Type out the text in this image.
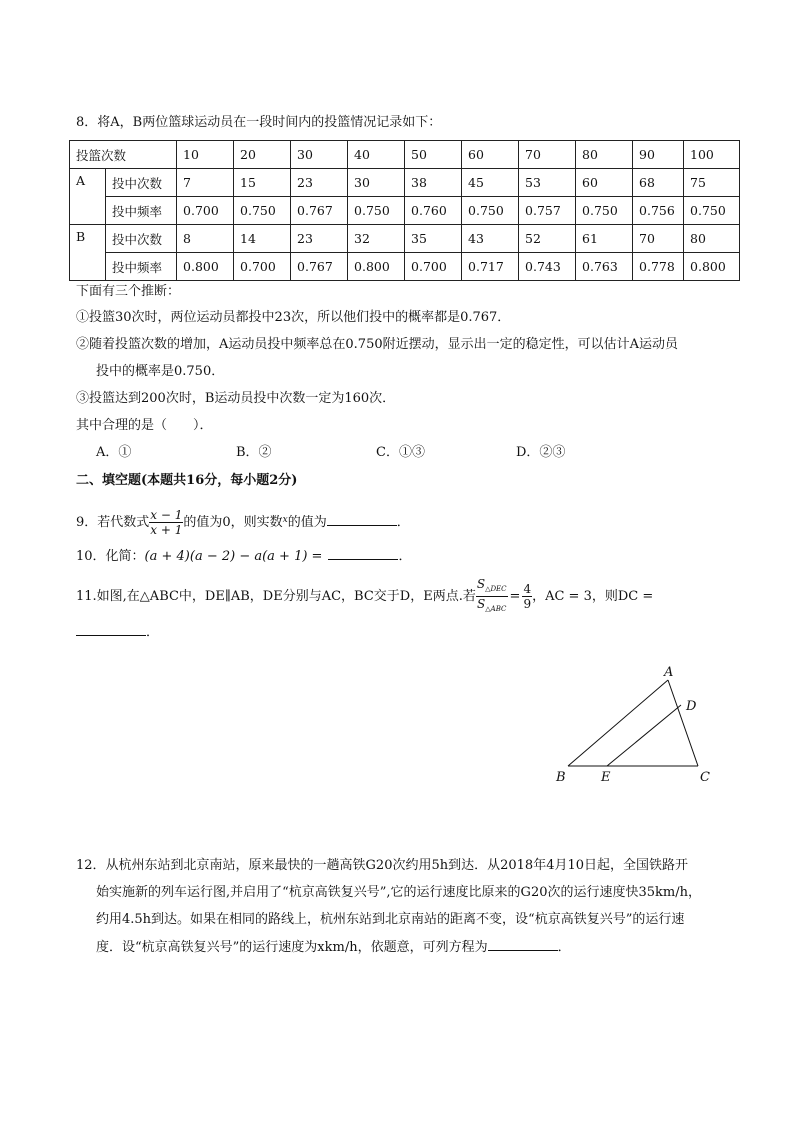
8．将A，B两位篮球运动员在一段时间内的投篮情况记录如下：
投篮次数		10	20	30	40	50	60	70	80	90	100
A	投中次数	7	15	23	30	38	45	53	60	68	75
	投中频率	0.700	0.750	0.767	0.750	0.760	0.750	0.757	0.750	0.756	0.750
B	投中次数	8	14	23	32	35	43	52	61	70	80
	投中频率	0.800	0.700	0.767	0.800	0.700	0.717	0.743	0.763	0.778	0.800
下面有三个推断：
①投篮30次时，两位运动员都投中23次，所以他们投中的概率都是0.767．
②随着投篮次数的增加，A运动员投中频率总在0.750附近摆动，显示出一定的稳定性，可以估计A运动员
投中的概率是0.750．
③投篮达到200次时，B运动员投中次数一定为160次．
其中合理的是（　　）．
A．①	B．②	C．①③	D．②③
二、填空题(本题共16分，每小题2分)
9．若代数式 $\frac{x - 1}{x + 1}$ 的值为0，则实数$^x$的值为	．
10．化简：(a + 4)(a − 2) − a(a + 1) =	．
11.如图,在△ABC中，DE∥AB，DE分别与AC，BC交于D，E两点.若 $\frac{S_{\triangle DEC}}{S_{\triangle ABC}} = \frac{4}{9}$ ，AC = 3，则DC =
．
A
B	C
D
E
12．从杭州东站到北京南站，原来最快的一趟高铁G20次约用5h到达．从2018年4月10日起，全国铁路开
始实施新的列车运行图,并启用了“杭京高铁复兴号”,它的运行速度比原来的G20次的运行速度快35km/h，
约用4.5h到达。如果在相同的路线上，杭州东站到北京南站的距离不变，设“杭京高铁复兴号”的运行速
度．设“杭京高铁复兴号”的运行速度为xkm/h，依题意，可列方程为	．
